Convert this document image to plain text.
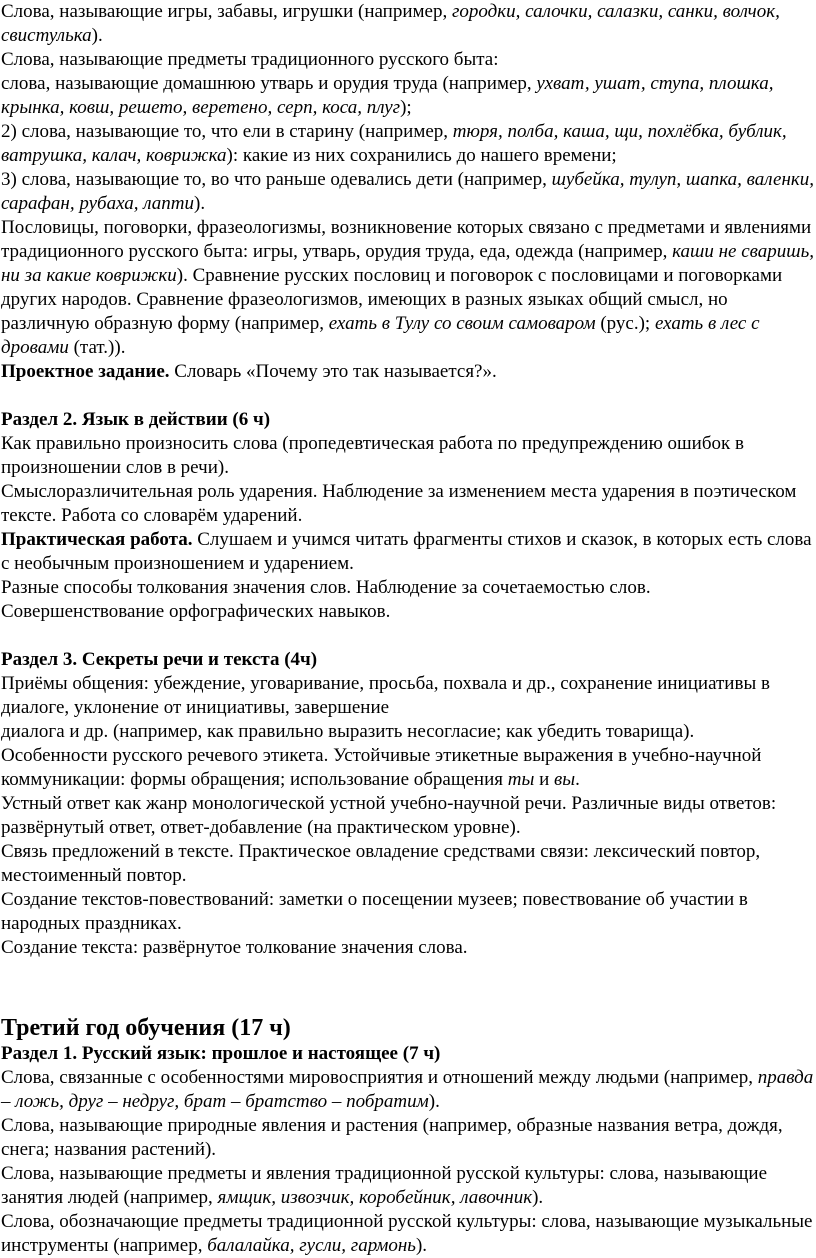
Слова, называющие игры, забавы, игрушки (например, городки, салочки, салазки, санки, волчок, свистулька).

Слова, называющие предметы традиционного русского быта:

слова, называющие домашнюю утварь и орудия труда (например, ухват, ушат, ступа, плошка, крынка, ковш, решето, веретено, серп, коса, плуг);

2) слова, называющие то, что ели в старину (например, тюря, полба, каша, щи, похлёбка, бублик, ватрушка, калач, коврижка): какие из них сохранились до нашего времени;

3) слова, называющие то, во что раньше одевались дети (например, шубейка, тулуп, шапка, валенки, сарафан, рубаха, лапти).

Пословицы, поговорки, фразеологизмы, возникновение которых связано с предметами и явлениями традиционного русского быта: игры, утварь, орудия труда, еда, одежда (например, каши не сваришь, ни за какие коврижки). Сравнение русских пословиц и поговорок с пословицами и поговорками других народов. Сравнение фразеологизмов, имеющих в разных языках общий смысл, но различную образную форму (например, ехать в Тулу со своим самоваром (рус.); ехать в лес с дровами (тат.)).

Проектное задание. Словарь «Почему это так называется?».

Раздел 2. Язык в действии (6 ч)

Как правильно произносить слова (пропедевтическая работа по предупреждению ошибок в произношении слов в речи).

Смыслоразличительная роль ударения. Наблюдение за изменением места ударения в поэтическом тексте. Работа со словарём ударений.

Практическая работа. Слушаем и учимся читать фрагменты стихов и сказок, в которых есть слова с необычным произношением и ударением.

Разные способы толкования значения слов. Наблюдение за сочетаемостью слов.

Совершенствование орфографических навыков.

Раздел 3. Секреты речи и текста (4ч)

Приёмы общения: убеждение, уговаривание, просьба, похвала и др., сохранение инициативы в диалоге, уклонение от инициативы, завершение

диалога и др. (например, как правильно выразить несогласие; как убедить товарища).

Особенности русского речевого этикета. Устойчивые этикетные выражения в учебно-научной коммуникации: формы обращения; использование обращения ты и вы.

Устный ответ как жанр монологической устной учебно-научной речи. Различные виды ответов: развёрнутый ответ, ответ-добавление (на практическом уровне).

Связь предложений в тексте. Практическое овладение средствами связи: лексический повтор, местоименный повтор.

Создание текстов-повествований: заметки о посещении музеев; повествование об участии в народных праздниках.

Создание текста: развёрнутое толкование значения слова.

Третий год обучения (17 ч)

Раздел 1. Русский язык: прошлое и настоящее (7 ч)

Слова, связанные с особенностями мировосприятия и отношений между людьми (например, правда – ложь, друг – недруг, брат – братство – побратим).

Слова, называющие природные явления и растения (например, образные названия ветра, дождя, снега; названия растений).

Слова, называющие предметы и явления традиционной русской культуры: слова, называющие занятия людей (например, ямщик, извозчик, коробейник, лавочник).

Слова, обозначающие предметы традиционной русской культуры: слова, называющие музыкальные инструменты (например, балалайка, гусли, гармонь).
